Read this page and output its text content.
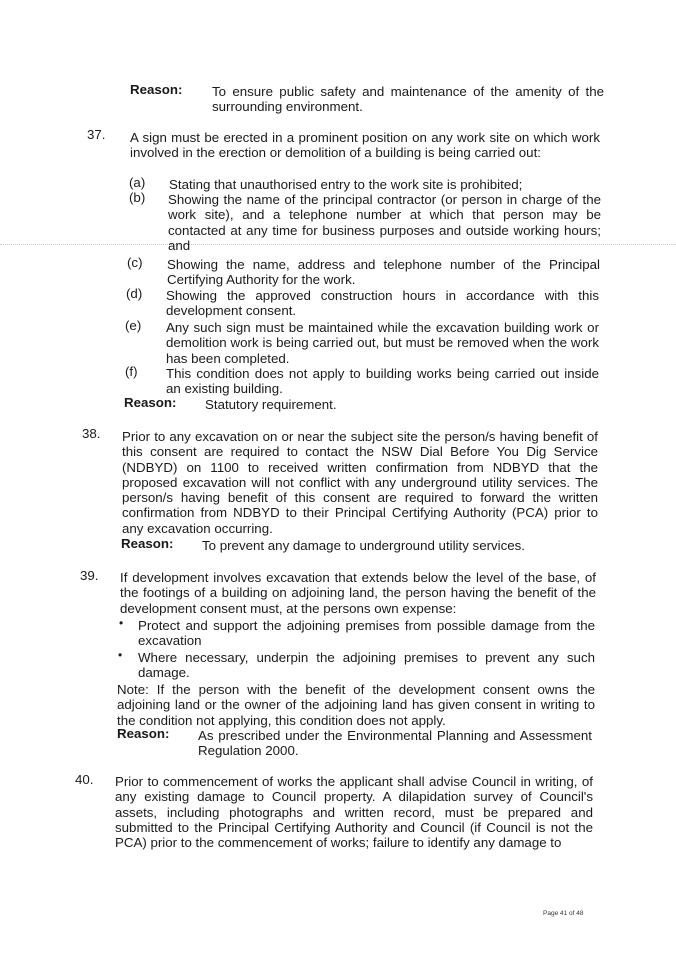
Reason: To ensure public safety and maintenance of the amenity of the surrounding environment.
37. A sign must be erected in a prominent position on any work site on which work involved in the erection or demolition of a building is being carried out:
(a) Stating that unauthorised entry to the work site is prohibited;
(b) Showing the name of the principal contractor (or person in charge of the work site), and a telephone number at which that person may be contacted at any time for business purposes and outside working hours; and
(c) Showing the name, address and telephone number of the Principal Certifying Authority for the work.
(d) Showing the approved construction hours in accordance with this development consent.
(e) Any such sign must be maintained while the excavation building work or demolition work is being carried out, but must be removed when the work has been completed.
(f) This condition does not apply to building works being carried out inside an existing building.
Reason: Statutory requirement.
38. Prior to any excavation on or near the subject site the person/s having benefit of this consent are required to contact the NSW Dial Before You Dig Service (NDBYD) on 1100 to received written confirmation from NDBYD that the proposed excavation will not conflict with any underground utility services. The person/s having benefit of this consent are required to forward the written confirmation from NDBYD to their Principal Certifying Authority (PCA) prior to any excavation occurring.
Reason: To prevent any damage to underground utility services.
39. If development involves excavation that extends below the level of the base, of the footings of a building on adjoining land, the person having the benefit of the development consent must, at the persons own expense:
• Protect and support the adjoining premises from possible damage from the excavation
• Where necessary, underpin the adjoining premises to prevent any such damage.
Note: If the person with the benefit of the development consent owns the adjoining land or the owner of the adjoining land has given consent in writing to the condition not applying, this condition does not apply.
Reason: As prescribed under the Environmental Planning and Assessment Regulation 2000.
40. Prior to commencement of works the applicant shall advise Council in writing, of any existing damage to Council property. A dilapidation survey of Council's assets, including photographs and written record, must be prepared and submitted to the Principal Certifying Authority and Council (if Council is not the PCA) prior to the commencement of works; failure to identify any damage to
Page 41 of 48
